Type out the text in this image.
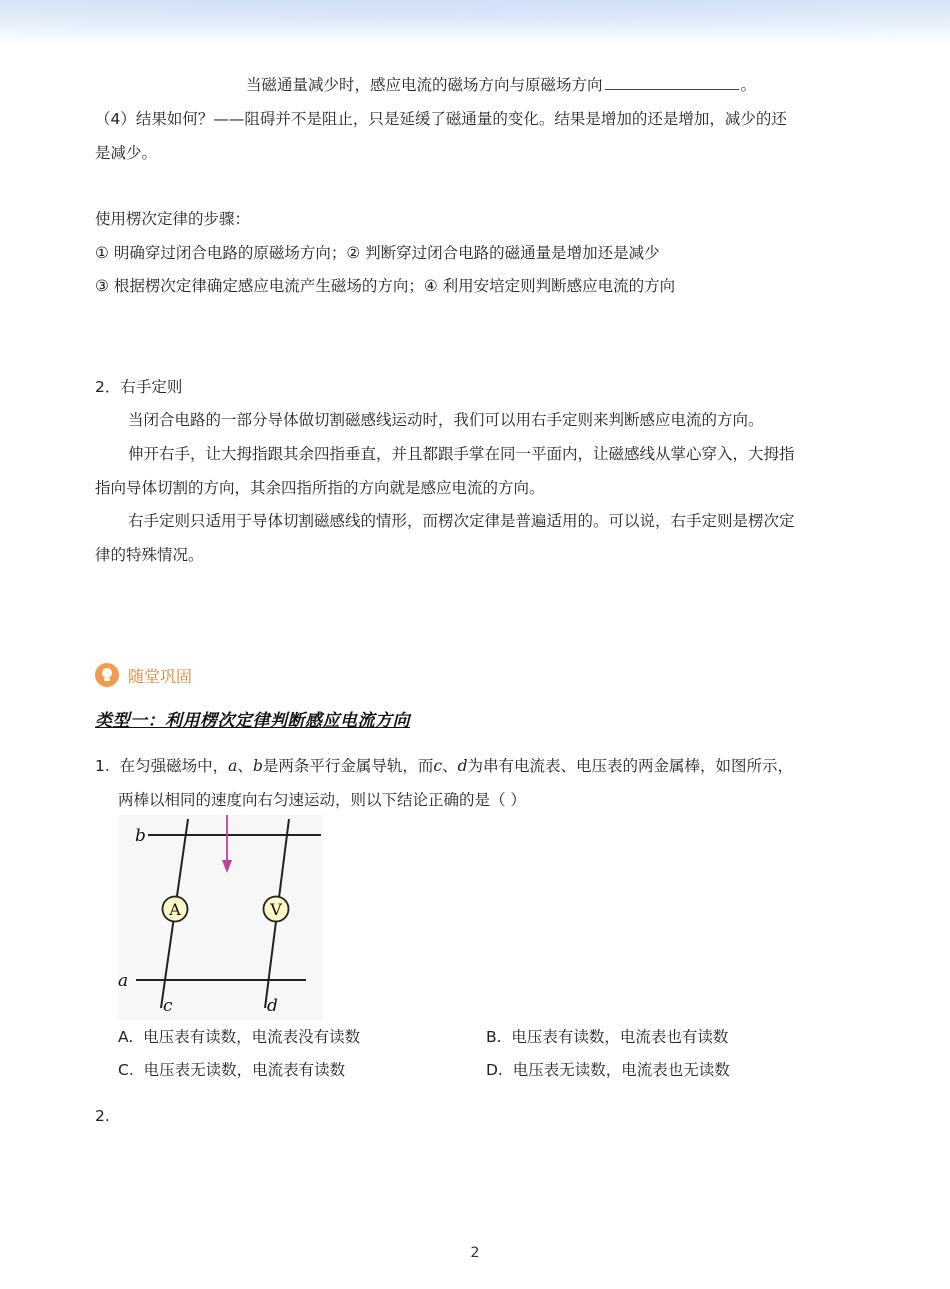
当磁通量减少时，感应电流的磁场方向与原磁场方向	。
（4）结果如何？——阻碍并不是阻止，只是延缓了磁通量的变化。结果是增加的还是增加，减少的还
是减少。
使用楞次定律的步骤：
① 明确穿过闭合电路的原磁场方向；② 判断穿过闭合电路的磁通量是增加还是减少
③ 根据楞次定律确定感应电流产生磁场的方向；④ 利用安培定则判断感应电流的方向
2．右手定则
当闭合电路的一部分导体做切割磁感线运动时，我们可以用右手定则来判断感应电流的方向。
伸开右手，让大拇指跟其余四指垂直，并且都跟手掌在同一平面内，让磁感线从掌心穿入，大拇指
指向导体切割的方向，其余四指所指的方向就是感应电流的方向。
右手定则只适用于导体切割磁感线的情形，而楞次定律是普遍适用的。可以说，右手定则是楞次定
律的特殊情况。
随堂巩固
类型一：利用楞次定律判断感应电流方向
1. 在匀强磁场中，a、b是两条平行金属导轨，而c、d为串有电流表、电压表的两金属棒，如图所示，
两棒以相同的速度向右匀速运动，则以下结论正确的是（ ）
A	V
b
a
c	d
A. 电压表有读数，电流表没有读数	B. 电压表有读数，电流表也有读数
C. 电压表无读数，电流表有读数	D. 电压表无读数，电流表也无读数
2.
2
